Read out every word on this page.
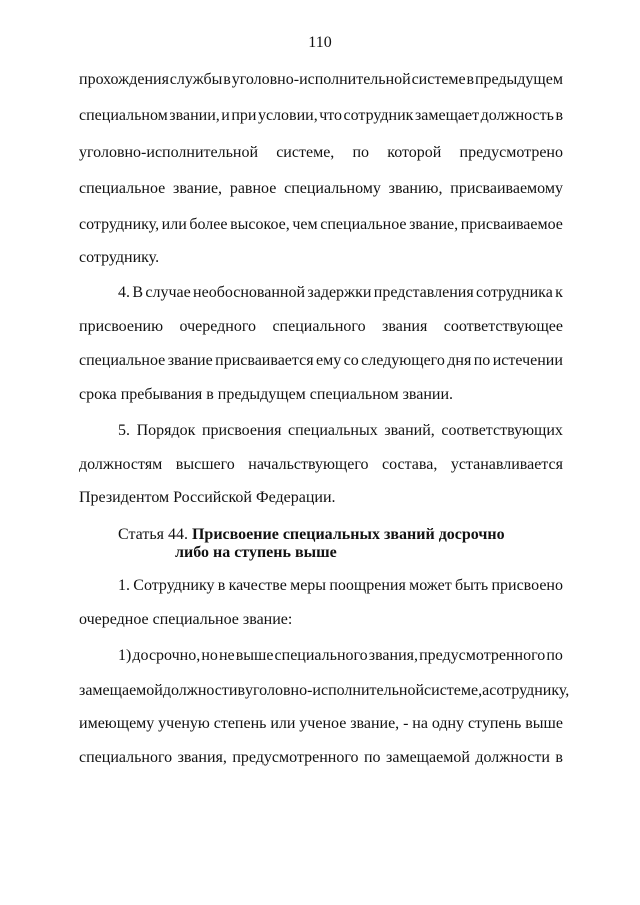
110
прохождения службы в уголовно-исполнительной системе в предыдущем
специальном звании, и при условии, что сотрудник замещает должность в
уголовно-исполнительной системе, по которой предусмотрено
специальное звание, равное специальному званию, присваиваемому
сотруднику, или более высокое, чем специальное звание, присваиваемое
сотруднику.
4. В случае необоснованной задержки представления сотрудника к
присвоению очередного специального звания соответствующее
специальное звание присваивается ему со следующего дня по истечении
срока пребывания в предыдущем специальном звании.
5. Порядок присвоения специальных званий, соответствующих
должностям высшего начальствующего состава, устанавливается
Президентом Российской Федерации.
Статья 44. Присвоение специальных званий досрочно
либо на ступень выше
1. Сотруднику в качестве меры поощрения может быть присвоено
очередное специальное звание:
1) досрочно, но не выше специального звания, предусмотренного по
замещаемой должности в уголовно-исполнительной системе, а сотруднику,
имеющему ученую степень или ученое звание, - на одну ступень выше
специального звания, предусмотренного по замещаемой должности в
